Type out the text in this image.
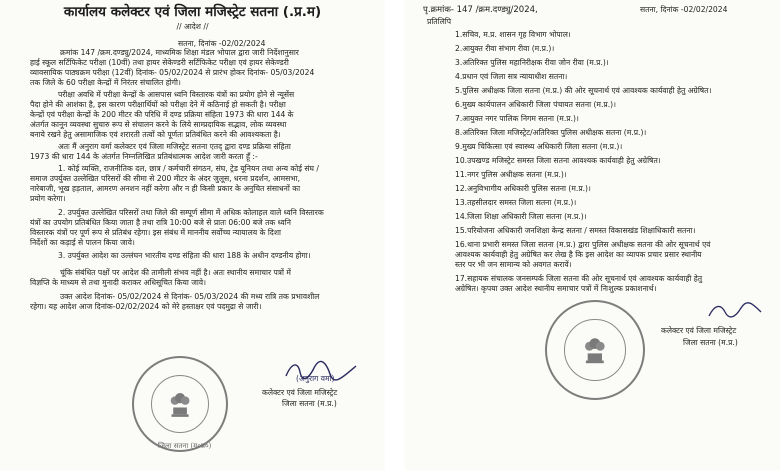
कार्यालय कलेक्टर एवं जिला मजिस्ट्रेट सतना (.प्र.म)
// आदेश //
सतना, दिनांक -02/02/2024
क्रमांक 147 /क्रम.दण्ड्यु/2024, माध्यमिक शिक्षा मंडल भोपाल द्वारा जारी निर्देशानुसार
हाई स्कूल सर्टिफिकेट परीक्षा (10वीं) तथा हायर सेकेण्डरी सर्टिफिकेट परीक्षा एवं हायर सेकेण्डरी
व्यावसायिक पाठ्यक्रम परीक्षा (12वीं) दिनांक- 05/02/2024 से प्रारंभ होकर दिनांक- 05/03/2024
तक जिले के 60 परीक्षा केन्द्रों में निरंतर संचालित होगी।
परीक्षा अवधि में परीक्षा केन्द्रों के आसपास ध्वनि विस्तारक यंत्रों का प्रयोग होने से न्यूसेंस
पैदा होने की आशंका है, इस कारण परीक्षार्थियों को परीक्षा देने में कठिनाई हो सकती है। परीक्षा
केन्द्रों एवं परीक्षा केन्द्रों के 200 मीटर की परिधि में दण्ड प्रक्रिया संहिता 1973 की धारा 144 के
अंतर्गत कानून व्यवस्था सुचारु रूप से संचालन करने के लिये साम्प्रदायिक सद्भाव, लोक व्यवस्था
बनाये रखने हेतु असामाजिक एवं शरारती तत्वों को पूर्णतः प्रतिबंधित करने की आवश्यकता है।
अतः मैं अनुराग वर्मा कलेक्टर एवं जिला मजिस्ट्रेट सतना एतद् द्वारा दण्ड प्रक्रिया संहिता
1973 की धारा 144 के अंतर्गत निम्नलिखित प्रतिबंधात्मक आदेश जारी करता हूँ :-
1. कोई व्यक्ति, राजनीतिक दल, छात्र / कर्मचारी संगठन, संघ, ट्रेड यूनियन तथा अन्य कोई संघ /
समाज उपर्युक्त उल्लेखित परिसरों की सीमा से 200 मीटर के अंदर जुलूस, धरना प्रदर्शन, आमसभा,
नारेबाजी, भूख हड़ताल, आमरण अनशन नहीं करेगा और न ही किसी प्रकार के अनुचित संसाधनों का
प्रयोग करेगा।
2. उपर्युक्त उल्लेखित परिसरों तथा जिले की सम्पूर्ण सीमा में अधिक कोलाहल वाले ध्वनि विस्तारक
यंत्रों का उपयोग प्रतिबंधित किया जाता है तथा रात्रि 10:00 बजे से प्रातः 06:00 बजे तक ध्वनि
विस्तारक यंत्रों पर पूर्ण रूप से प्रतिबंध रहेगा। इस संबंध में माननीय सर्वोच्च न्यायालय के दिशा
निर्देशों का कड़ाई से पालन किया जावे।
3. उपर्युक्त आदेश का उल्लंघन भारतीय दण्ड संहिता की धारा 188 के अधीन दण्डनीय होगा।
चूंकि संबंधित पक्षों पर आदेश की तामीली संभव नहीं है। अतः स्थानीय समाचार पत्रों में
विज्ञप्ति के माध्यम से तथा मुनादी कराकर अधिसूचित किया जावे।
उक्त आदेश दिनांक- 05/02/2024 से दिनांक- 05/03/2024 की मध्य रात्रि तक प्रभावशील
रहेगा। यह आदेश आज दिनांक-02/02/2024 को मेरे हस्ताक्षर एवं पदमुद्रा से जारी।
जिला सतना (म०प्र०)
(अनुराग वर्मा)
कलेक्टर एवं जिला मजिस्ट्रेट
जिला सतना (म.प्र.)
पृ.क्रमांक- 147 /क्रम.दण्ड्यु/2024,	सतना, दिनांक -02/02/2024
प्रतिलिपि
1.सचिव, म.प्र. शासन गृह विभाग भोपाल।
2.आयुक्त रीवा संभाग रीवा (म.प्र.)।
3.अतिरिक्त पुलिस महानिरीक्षक रीवा जोन रीवा (म.प्र.)।
4.प्रधान एवं जिला सत्र न्यायाधीश सतना।
5.पुलिस अधीक्षक जिला सतना (म.प्र.) की ओर सूचनार्थ एवं आवश्यक कार्यवाही हेतु अग्रेषित।
6.मुख्य कार्यपालन अधिकारी जिला पंचायत सतना (म.प्र.)।
7.आयुक्त नगर पालिक निगम सतना (म.प्र.)।
8.अतिरिक्त जिला मजिस्ट्रेट/अतिरिक्त पुलिस अधीक्षक सतना (म.प्र.)।
9.मुख्य चिकित्सा एवं स्वास्थ्य अधिकारी जिला सतना (म.प्र.)।
10.उपखण्ड मजिस्ट्रेट समस्त जिला सतना आवश्यक कार्यवाही हेतु अग्रेषित।
11.नगर पुलिस अधीक्षक सतना (म.प्र.)।
12.अनुविभागीय अधिकारी पुलिस सतना (म.प्र.)।
13.तहसीलदार समस्त जिला सतना (म.प्र.)।
14.जिला शिक्षा अधिकारी जिला सतना (म.प्र.)।
15.परियोजना अधिकारी जनशिक्षा केन्द्र सतना / समस्त विकासखंड शिक्षाधिकारी सतना।
16.थाना प्रभारी समस्त जिला सतना (म.प्र.) द्वारा पुलिस अधीक्षक सतना की ओर सूचनार्थ एवं
आवश्यक कार्यवाही हेतु अग्रेषित कर लेख है कि इस आदेश का व्यापक प्रचार प्रसार स्थानीय
स्तर पर भी जन सामान्य को अवगत करावें।
17.सहायक संचालक जनसम्पर्क जिला सतना की ओर सूचनार्थ एवं आवश्यक कार्यवाही हेतु
अग्रेषित। कृपया उक्त आदेश स्थानीय समाचार पत्रों में निःशुल्क प्रकाशनार्थ।
कलेक्टर एवं जिला मजिस्ट्रेट
जिला सतना (म.प्र.)
